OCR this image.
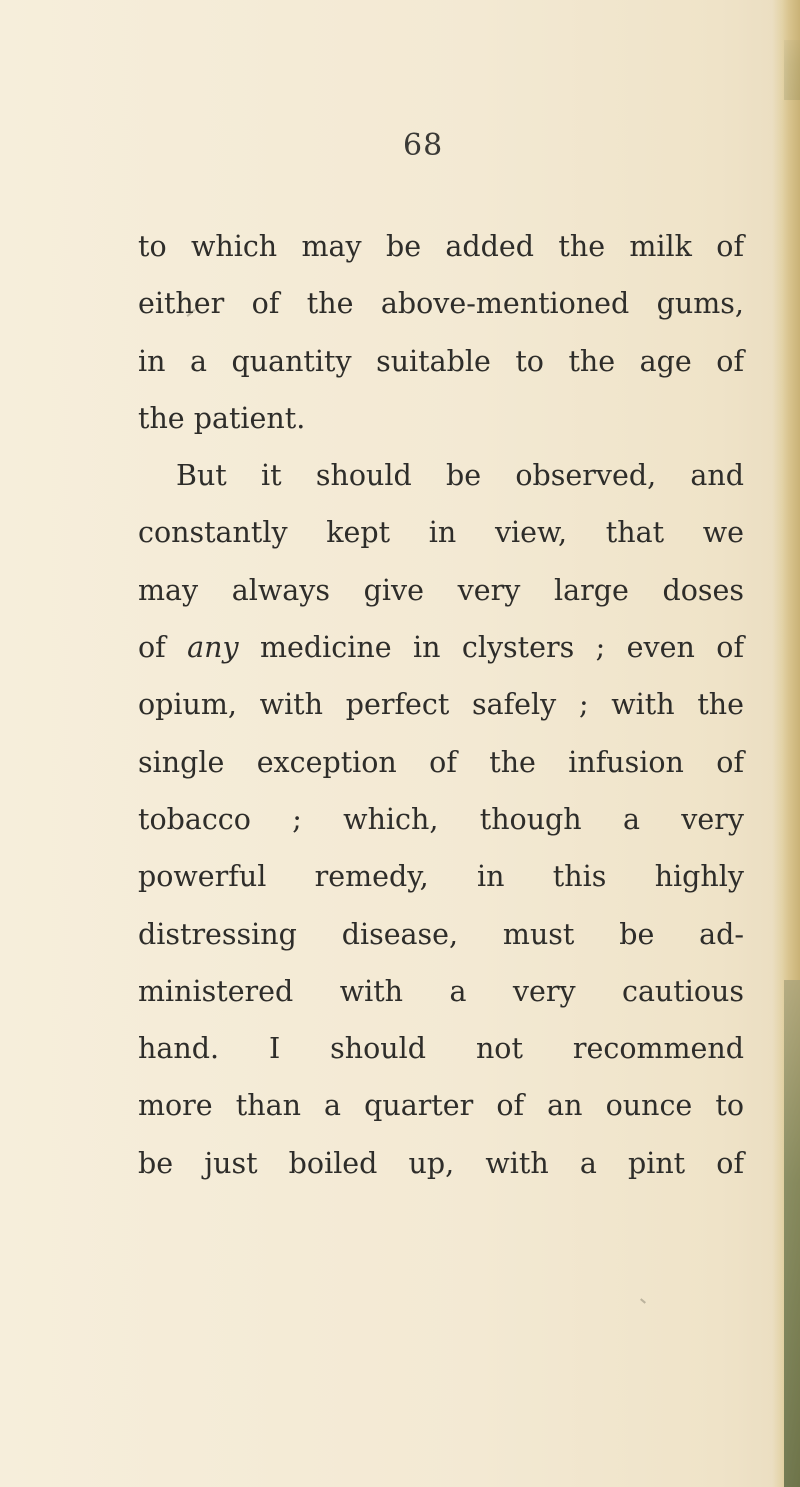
68
to which may be added the milk of
either of the above-mentioned gums,
in a quantity suitable to the age of
the patient.
But it should be observed, and
constantly kept in view, that we
may always give very large doses
of any medicine in clysters ; even of
opium, with perfect safely ; with the
single exception of the infusion of
tobacco ; which, though a very
powerful remedy, in this highly
distressing disease, must be ad-
ministered with a very cautious
hand. I should not recommend
more than a quarter of an ounce to
be just boiled up, with a pint of
